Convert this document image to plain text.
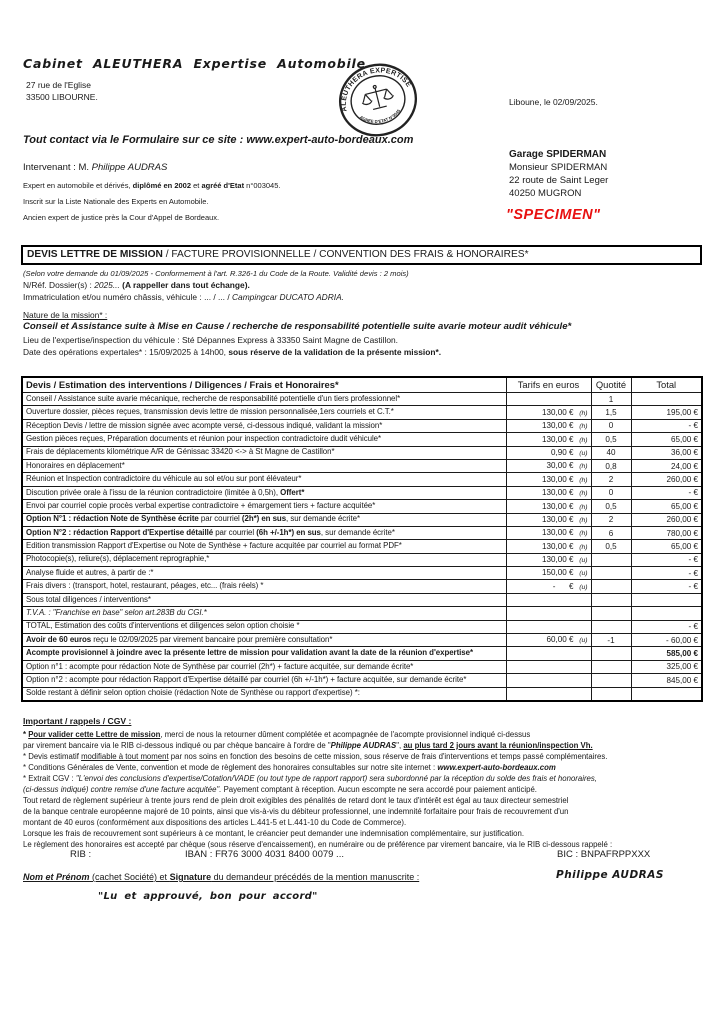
Cabinet ALEUTHERA Expertise Automobile
27 rue de l'Eglise
33500 LIBOURNE.
ALEUTHERA EXPERTISE
AGREE D'ETAT N°3045
Liboune, le 02/09/2025.
Tout contact via le Formulaire sur ce site : www.expert-auto-bordeaux.com
Intervenant : M. Philippe AUDRAS
Expert en automobile et dérivés, diplômé en 2002 et agréé d'Etat n°003045.
Inscrit sur la Liste Nationale des Experts en Automobile.
Ancien expert de justice près la Cour d'Appel de Bordeaux.
Garage SPIDERMAN
Monsieur SPIDERMAN
22 route de Saint Leger
40250 MUGRON
"SPECIMEN"
DEVIS LETTRE DE MISSION / FACTURE PROVISIONNELLE / CONVENTION DES FRAIS & HONORAIRES*
(Selon votre demande du 01/09/2025 - Conformement à l'art. R.326-1 du Code de la Route. Validité devis : 2 mois)
N/Réf. Dossier(s) : 2025... (A rappeller dans tout échange).
Immatriculation et/ou numéro châssis, véhicule : ... / ... / Campingcar DUCATO ADRIA.
Nature de la mission* :
Conseil et Assistance suite à Mise en Cause / recherche de responsabilité potentielle suite avarie moteur audit véhicule*
Lieu de l'expertise/inspection du véhicule : Sté Dépannes Express à 33350 Saint Magne de Castillon.
Date des opérations expertales* : 15/09/2025 à 14h00, sous réserve de la validation de la présente mission*.
Devis / Estimation des interventions / Diligences / Frais et Honoraires*	Tarifs en euros	Quotité	Total
Conseil / Assistance suite avarie mécanique, recherche de responsabilité potentielle d'un tiers professionnel*		1	
Ouverture dossier, pièces reçues, transmission devis lettre de mission personnalisée,1ers courriels et C.T.*	130,00 € (h)	1,5	195,00 €
Réception Devis / lettre de mission signée avec acompte versé, ci-dessous indiqué, validant la mission*	130,00 € (h)	0	- €
Gestion pièces reçues, Préparation documents et réunion pour inspection contradictoire dudit véhicule*	130,00 € (h)	0,5	65,00 €
Frais de déplacements kilométrique A/R de Génissac 33420 <-> à St Magne de Castillon*	0,90 € (u)	40	36,00 €
Honoraires en déplacement*	30,00 € (h)	0,8	24,00 €
Réunion et Inspection contradictoire du véhicule au sol et/ou sur pont élévateur*	130,00 € (h)	2	260,00 €
Discution privée orale à l'issu de la réunion contradictoire (limitée à 0,5h), Offert*	130,00 € (h)	0	- €
Envoi par courriel copie procès verbal expertise contradictoire + émargement tiers + facture acquitée*	130,00 € (h)	0,5	65,00 €
Option N°1 : rédaction Note de Synthèse écrite par courriel (2h*) en sus, sur demande écrite*	130,00 € (h)	2	260,00 €
Option N°2 : rédaction Rapport d'Expertise détaillé par courriel (6h +/-1h*) en sus, sur demande écrite*	130,00 € (h)	6	780,00 €
Edition transmission Rapport d'Expertise ou Note de Synthèse + facture acquitée par courriel au format PDF*	130,00 € (h)	0,5	65,00 €
Photocopie(s), reliure(s), déplacement reprographie,*	130,00 € (u)		- €
Analyse fluide et autres, à partir de :*	150,00 € (u)		- €
Frais divers : (transport, hotel, restaurant, péages, etc... (frais réels) *	-      € (u)		- €
Sous total diligences / interventions*			
T.V.A. : "Franchise en base" selon art.283B du CGI.*			
TOTAL, Estimation des coûts d'interventions et diligences selon option choisie *			- €
Avoir de 60 euros reçu le 02/09/2025 par virement bancaire pour première consultation*	60,00 € (u)	-1	- 60,00 €
Acompte provisionnel à joindre avec la présente lettre de mission pour validation avant la date de la réunion d'expertise*			585,00 €
Option n°1 : acompte pour rédaction Note de Synthèse par courriel (2h*) + facture acquitée, sur demande écrite*			325,00 €
Option n°2 : acompte pour rédaction Rapport d'Expertise détaillé par courriel (6h +/-1h*) + facture acquitée, sur demande écrite*			845,00 €
Solde restant à définir selon option choisie (rédaction Note de Synthèse ou rapport d'expertise) *:			
Important / rappels / CGV :
* Pour valider cette Lettre de mission, merci de nous la retourner dûment complétée et acompagnée de l'acompte provisionnel indiqué ci-dessus
par virement bancaire via le RIB ci-dessous indiqué ou par chèque bancaire à l'ordre de "Philippe AUDRAS", au plus tard 2 jours avant la réunion/inspection Vh.
* Devis estimatif modifiable à tout moment par nos soins en fonction des besoins de cette mission, sous réserve de frais d'interventions et temps passé complémentaires.
* Conditions Générales de Vente, convention et mode de règlement des honoraires consultables sur notre site internet : www.expert-auto-bordeaux.com
* Extrait CGV : "L'envoi des conclusions d'expertise/Cotation/VADE (ou tout type de rapport rapport) sera subordonné par la réception du solde des frais et honoraires,
(ci-dessus indiqué) contre remise d'une facture acquitée". Payement comptant à réception. Aucun escompte ne sera accordé pour paiement anticipé.
Tout retard de règlement supérieur à trente jours rend de plein droit exigibles des pénalités de retard dont le taux d'intérêt est égal au taux directeur semestriel
de la banque centrale européenne majoré de 10 points, ainsi que vis-à-vis du débiteur professionnel, une indemnité forfaitaire pour frais de recouvrement d'un
montant de 40 euros (conformément aux dispositions des articles L.441-5 et L.441-10 du Code de Commerce).
Lorsque les frais de recouvrement sont supérieurs à ce montant, le créancier peut demander une indemnisation complémentaire, sur justification.
Le règlement des honoraires est accepté par chèque (sous réserve d'encaissement), en numéraire ou de préférence par virement bancaire, via le RIB ci-dessous rappelé :
RIB :	IBAN : FR76 3000 4031 8400 0079 ...	BIC : BNPAFRPPXXX
Nom et Prénom (cachet Société) et Signature du demandeur précédés de la mention manuscrite :	Philippe AUDRAS
"Lu et approuvé, bon pour accord"
